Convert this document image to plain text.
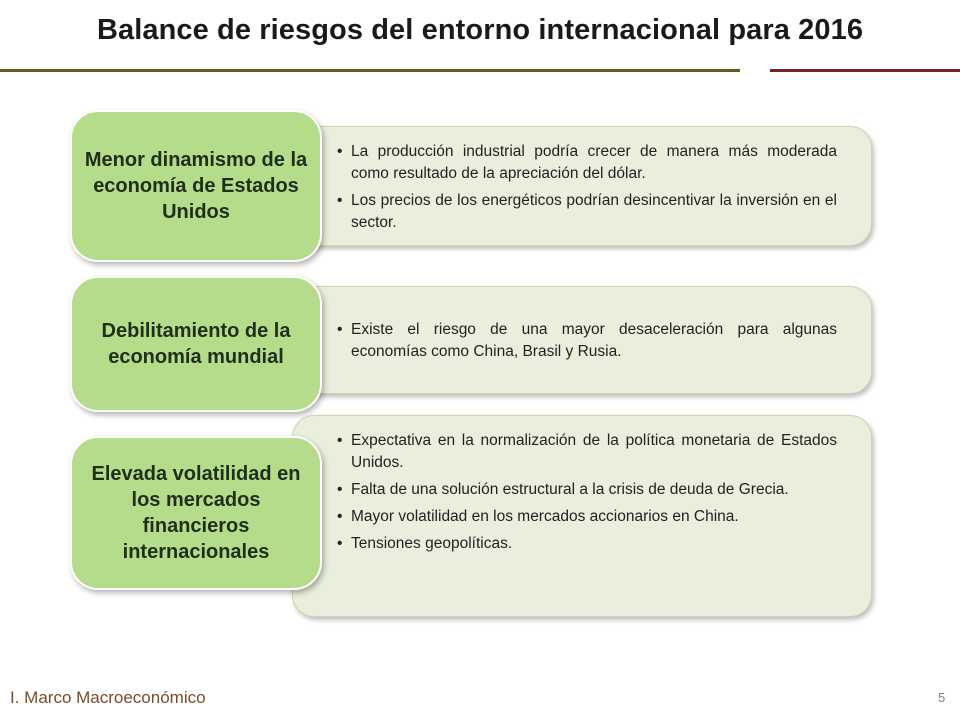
Balance de riesgos del entorno internacional para 2016
• La producción industrial podría crecer de manera más moderada como resultado de la apreciación del dólar.
• Los precios de los energéticos podrían desincentivar la inversión en el sector.
Menor dinamismo de la economía de Estados Unidos
• Existe el riesgo de una mayor desaceleración para algunas economías como China, Brasil y Rusia.
Debilitamiento de la economía mundial
• Expectativa en la normalización de la política monetaria de Estados Unidos.
• Falta de una solución estructural a la crisis de deuda de Grecia.
• Mayor volatilidad en los mercados accionarios en China.
• Tensiones geopolíticas.
Elevada volatilidad en los mercados financieros internacionales
I. Marco Macroeconómico	5
